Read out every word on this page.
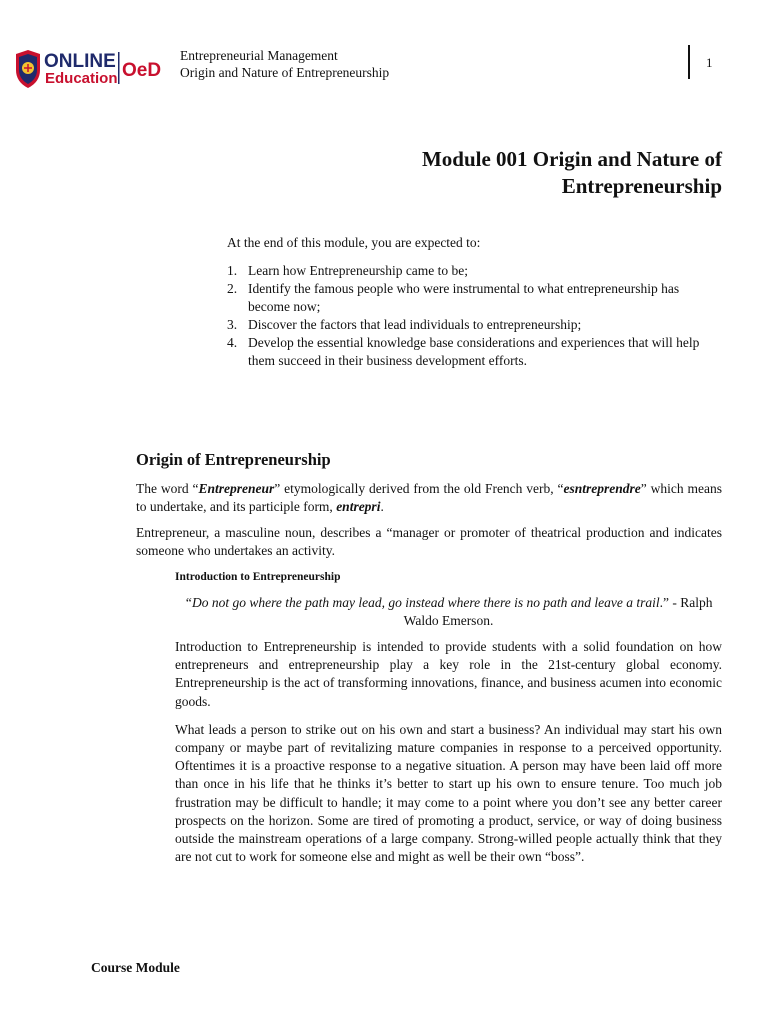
ONLINE
Education OeD
Entrepreneurial Management
Origin and Nature of Entrepreneurship
1
Module 001 Origin and Nature of
Entrepreneurship

At the end of this module, you are expected to:

1. Learn how Entrepreneurship came to be;
2. Identify the famous people who were instrumental to what entrepreneurship has become now;
3. Discover the factors that lead individuals to entrepreneurship;
4. Develop the essential knowledge base considerations and experiences that will help them succeed in their business development efforts.
Origin of Entrepreneurship

The word “Entrepreneur” etymologically derived from the old French verb, “esntreprendre” which means to undertake, and its participle form, entrepri.

Entrepreneur, a masculine noun, describes a “manager or promoter of theatrical production and indicates someone who undertakes an activity.

Introduction to Entrepreneurship
“Do not go where the path may lead, go instead where there is no path and leave a trail.” - Ralph Waldo Emerson.

Introduction to Entrepreneurship is intended to provide students with a solid foundation on how entrepreneurs and entrepreneurship play a key role in the 21st-century global economy. Entrepreneurship is the act of transforming innovations, finance, and business acumen into economic goods.

What leads a person to strike out on his own and start a business? An individual may start his own company or maybe part of revitalizing mature companies in response to a perceived opportunity. Oftentimes it is a proactive response to a negative situation. A person may have been laid off more than once in his life that he thinks it’s better to start up his own to ensure tenure. Too much job frustration may be difficult to handle; it may come to a point where you don’t see any better career prospects on the horizon. Some are tired of promoting a product, service, or way of doing business outside the mainstream operations of a large company. Strong-willed people actually think that they are not cut to work for someone else and might as well be their own “boss”.

Course Module
